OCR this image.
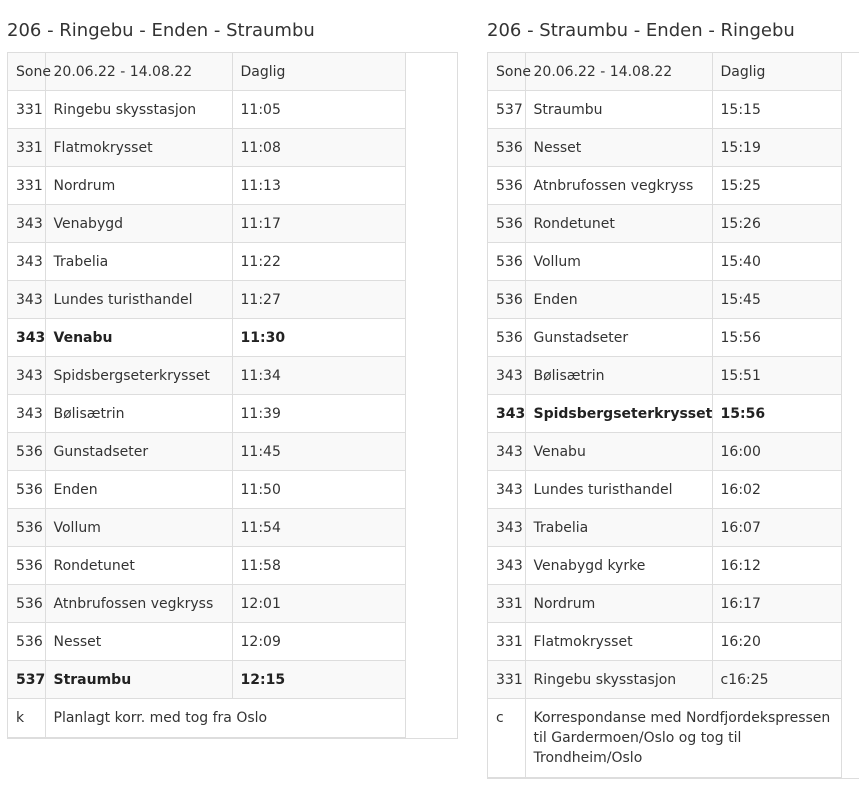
206 - Ringebu - Enden - Straumbu
Sone	20.06.22 - 14.08.22	Daglig
331	Ringebu skysstasjon	11:05
331	Flatmokrysset	11:08
331	Nordrum	11:13
343	Venabygd	11:17
343	Trabelia	11:22
343	Lundes turisthandel	11:27
343	Venabu	11:30
343	Spidsbergseterkrysset	11:34
343	Bølisætrin	11:39
536	Gunstadseter	11:45
536	Enden	11:50
536	Vollum	11:54
536	Rondetunet	11:58
536	Atnbrufossen vegkryss	12:01
536	Nesset	12:09
537	Straumbu	12:15
k	Planlagt korr. med tog fra Oslo	
206 - Straumbu - Enden - Ringebu
Sone	20.06.22 - 14.08.22	Daglig
537	Straumbu	15:15
536	Nesset	15:19
536	Atnbrufossen vegkryss	15:25
536	Rondetunet	15:26
536	Vollum	15:40
536	Enden	15:45
536	Gunstadseter	15:56
343	Bølisætrin	15:51
343	Spidsbergseterkrysset	15:56
343	Venabu	16:00
343	Lundes turisthandel	16:02
343	Trabelia	16:07
343	Venabygd kyrke	16:12
331	Nordrum	16:17
331	Flatmokrysset	16:20
331	Ringebu skysstasjon	c16:25
c	Korrespondanse med Nordfjordekspressen til Gardermoen/Oslo og tog til Trondheim/Oslo	
